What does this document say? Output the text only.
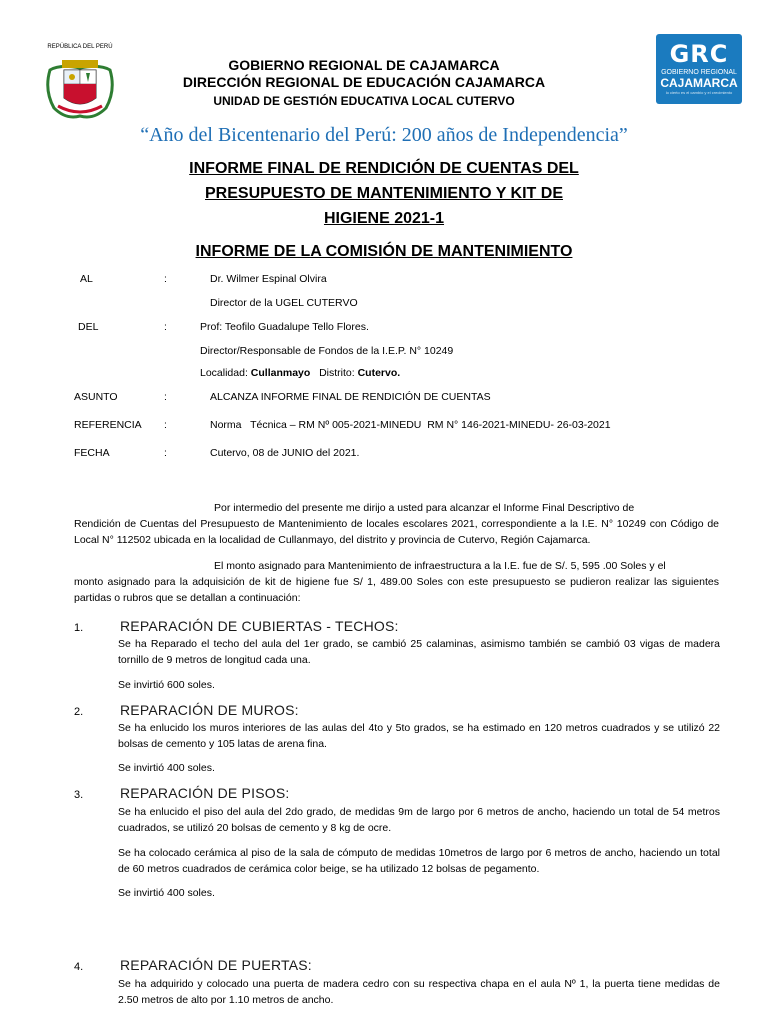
REPÚBLICA DEL PERÚ
GOBIERNO REGIONAL DE CAJAMARCA
DIRECCIÓN REGIONAL DE EDUCACIÓN CAJAMARCA
UNIDAD DE GESTIÓN EDUCATIVA LOCAL CUTERVO
GRC
GOBIERNO REGIONAL
CAJAMARCA
lo cierto es el cambio y el crecimiento
“Año del Bicentenario del Perú: 200 años de Independencia”
INFORME FINAL DE RENDICIÓN DE CUENTAS DEL
PRESUPUESTO DE MANTENIMIENTO Y KIT DE
HIGIENE 2021-1
INFORME DE LA COMISIÓN DE MANTENIMIENTO
AL	:	Dr. Wilmer Espinal Olvira
Director de la UGEL CUTERVO
DEL	:	Prof: Teofilo Guadalupe Tello Flores.
Director/Responsable de Fondos de la I.E.P. N° 10249
Localidad: Cullanmayo Distrito: Cutervo.
ASUNTO	:	ALCANZA INFORME FINAL DE RENDICIÓN DE CUENTAS
REFERENCIA :	Norma   Técnica – RM Nº 005-2021-MINEDU  RM N° 146-2021-MINEDU- 26-03-2021
FECHA	:	Cutervo, 08 de JUNIO del 2021.
Por intermedio del presente me dirijo a usted para alcanzar el Informe Final Descriptivo de
Rendición de Cuentas del Presupuesto de Mantenimiento de locales escolares 2021, correspondiente a la I.E. N° 10249 con Código de Local N° 112502 ubicada en la localidad de Cullanmayo, del distrito y provincia de Cutervo, Región Cajamarca.
El monto asignado para Mantenimiento de infraestructura a la I.E. fue de S/. 5, 595 .00 Soles y el
monto asignado para la adquisición de kit de higiene fue S/ 1, 489.00 Soles con este presupuesto se pudieron realizar las siguientes partidas o rubros que se detallan a continuación:
1.	REPARACIÓN DE CUBIERTAS - TECHOS:
Se ha Reparado el techo del aula del 1er grado, se cambió 25 calaminas, asimismo también se cambió 03 vigas de madera tornillo de 9 metros de longitud cada una.
Se invirtió 600 soles.
2.	REPARACIÓN DE MUROS:
Se ha enlucido los muros interiores de las aulas del 4to y 5to grados, se ha estimado en 120 metros cuadrados y se utilizó 22 bolsas de cemento y 105 latas de arena fina.
Se invirtió 400 soles.
3.	REPARACIÓN DE PISOS:
Se ha enlucido el piso del aula del 2do grado, de medidas 9m de largo por 6 metros de ancho, haciendo un total de 54 metros cuadrados, se utilizó 20 bolsas de cemento y 8 kg de ocre.
Se ha colocado cerámica al piso de la sala de cómputo de medidas 10metros de largo por 6 metros de ancho, haciendo un total de 60 metros cuadrados de cerámica color beige, se ha utilizado 12 bolsas de pegamento.
Se invirtió 400 soles.
4.	REPARACIÓN DE PUERTAS:
Se ha adquirido y colocado una puerta de madera cedro con su respectiva chapa en el aula Nº 1, la puerta tiene medidas de 2.50 metros de alto por 1.10 metros de ancho.
